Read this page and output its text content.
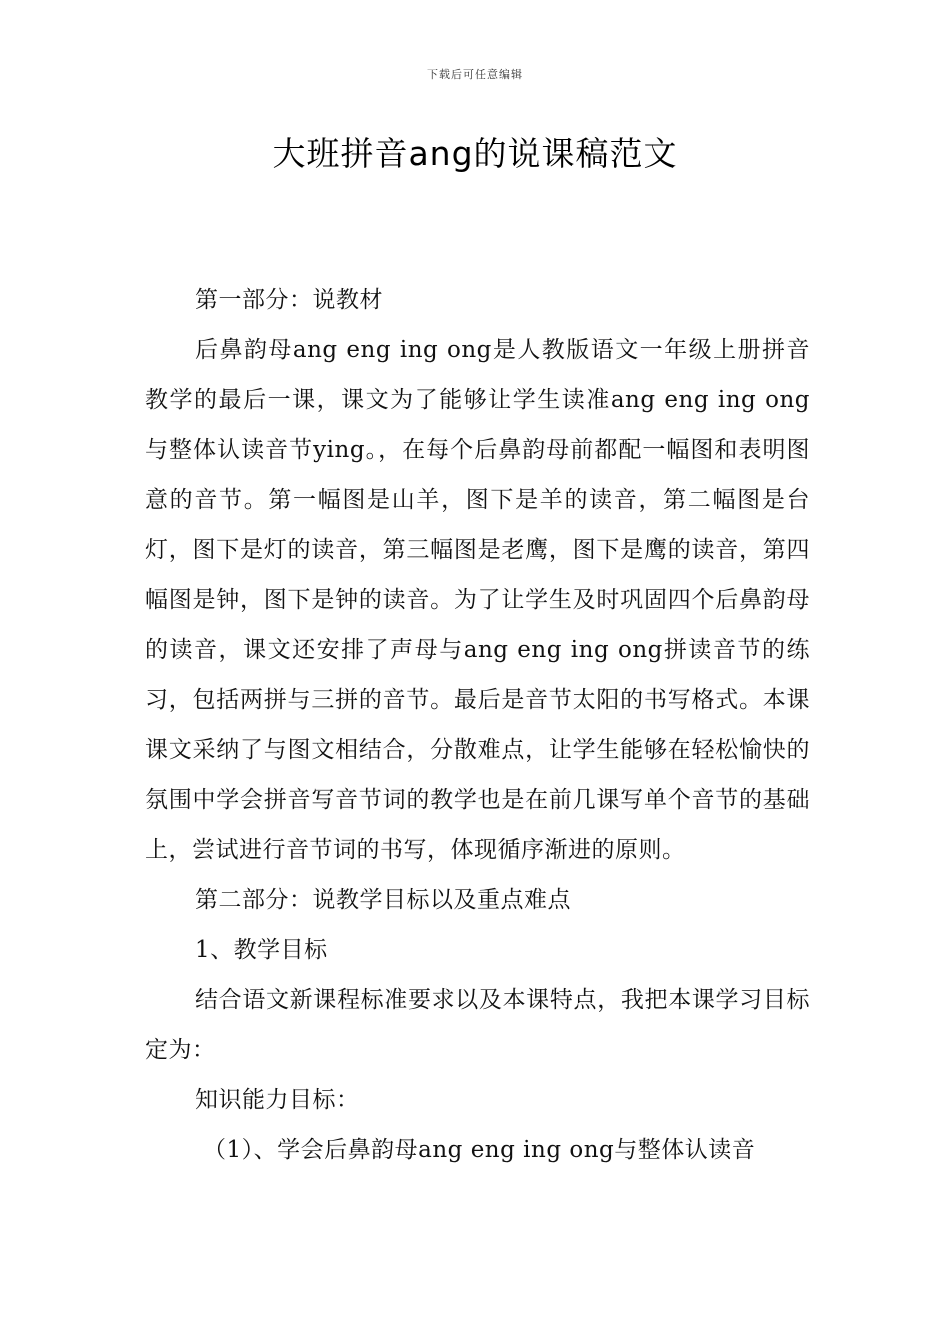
下载后可任意编辑
大班拼音ang的说课稿范文

第一部分：说教材

后鼻韵母ang eng ing ong是人教版语文一年级上册拼音教学的最后一课，课文为了能够让学生读准ang eng ing ong与整体认读音节ying。，在每个后鼻韵母前都配一幅图和表明图意的音节。第一幅图是山羊，图下是羊的读音，第二幅图是台灯，图下是灯的读音，第三幅图是老鹰，图下是鹰的读音，第四幅图是钟，图下是钟的读音。为了让学生及时巩固四个后鼻韵母的读音，课文还安排了声母与ang eng ing ong拼读音节的练习，包括两拼与三拼的音节。最后是音节太阳的书写格式。本课课文采纳了与图文相结合，分散难点，让学生能够在轻松愉快的氛围中学会拼音写音节词的教学也是在前几课写单个音节的基础上，尝试进行音节词的书写，体现循序渐进的原则。

第二部分：说教学目标以及重点难点

1、教学目标

结合语文新课程标准要求以及本课特点，我把本课学习目标定为：

知识能力目标：

（1）、学会后鼻韵母ang eng ing ong与整体认读音
